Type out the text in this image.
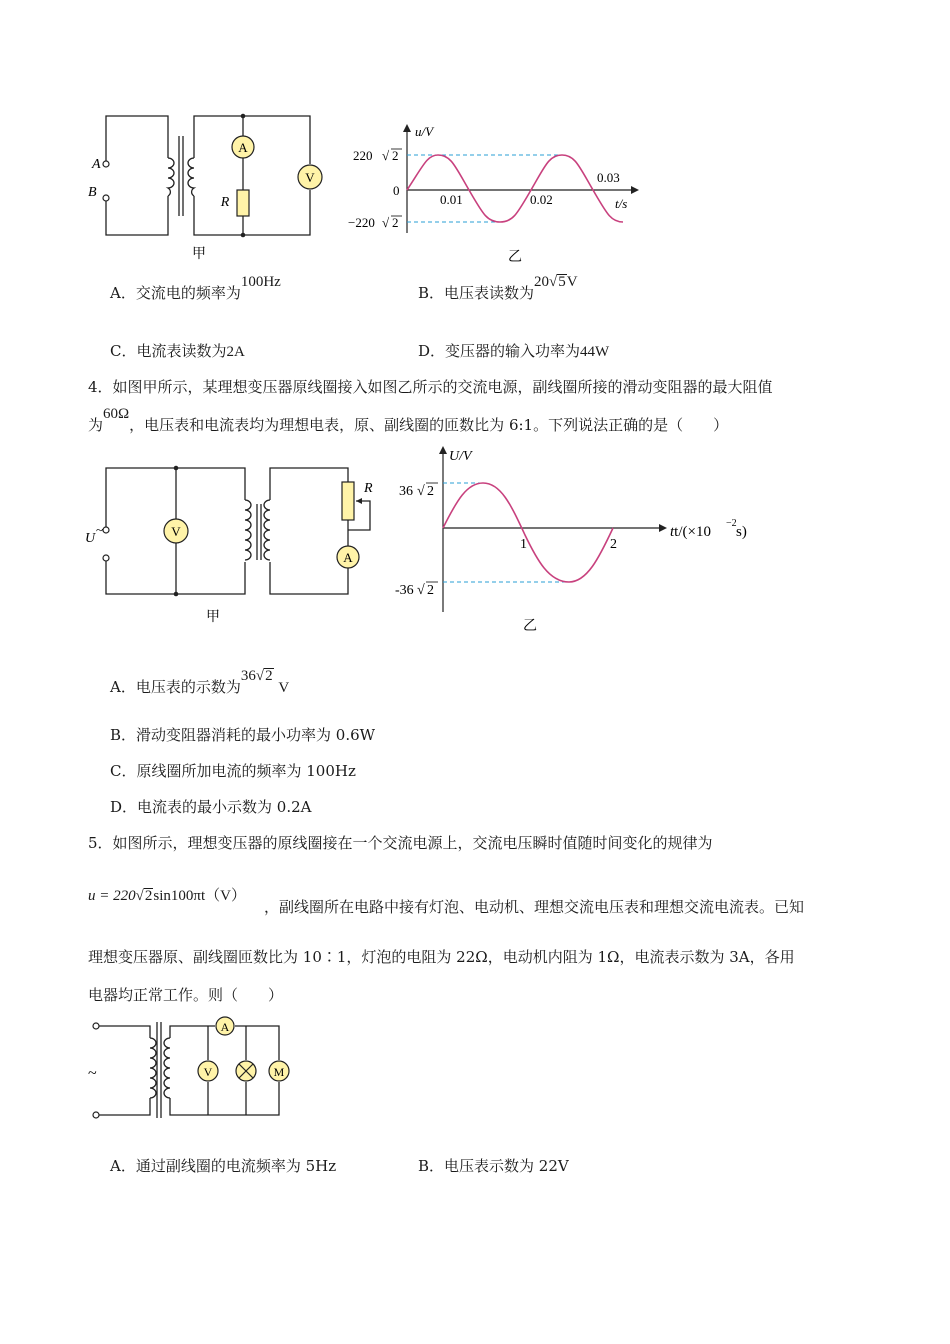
A
V
R
A
B
甲
u/V
220 √ 2
0
−220 √ 2
0.01	0.02
0.03
t/s
乙
A．交流电的频率为100Hz
B．电压表读数为20√5V
C．电流表读数为2A	D．变压器的输入功率为44W
4．如图甲所示，某理想变压器原线圈接入如图乙所示的交流电源，副线圈所接的滑动变阻器的最大阻值
为60Ω，电压表和电流表均为理想电表，原、副线圈的匝数比为 6:1。下列说法正确的是（　　）
V
R
A
U
~
甲
U/V
36 √ 2
-36 √ 2
1	2
tt/(×10
−2
s)
乙
A．电压表的示数为36√2 V
B．滑动变阻器消耗的最小功率为 0.6W
C．原线圈所加电流的频率为 100Hz
D．电流表的最小示数为 0.2A
5．如图所示，理想变压器的原线圈接在一个交流电源上，交流电压瞬时值随时间变化的规律为
u = 220√2sin100πt（V）
，副线圈所在电路中接有灯泡、电动机、理想交流电压表和理想交流电流表。已知
理想变压器原、副线圈匝数比为 10∶1，灯泡的电阻为 22Ω，电动机内阻为 1Ω，电流表示数为 3A，各用
电器均正常工作。则（　　）
~
A
V	M
A．通过副线圈的电流频率为 5Hz	B．电压表示数为 22V
